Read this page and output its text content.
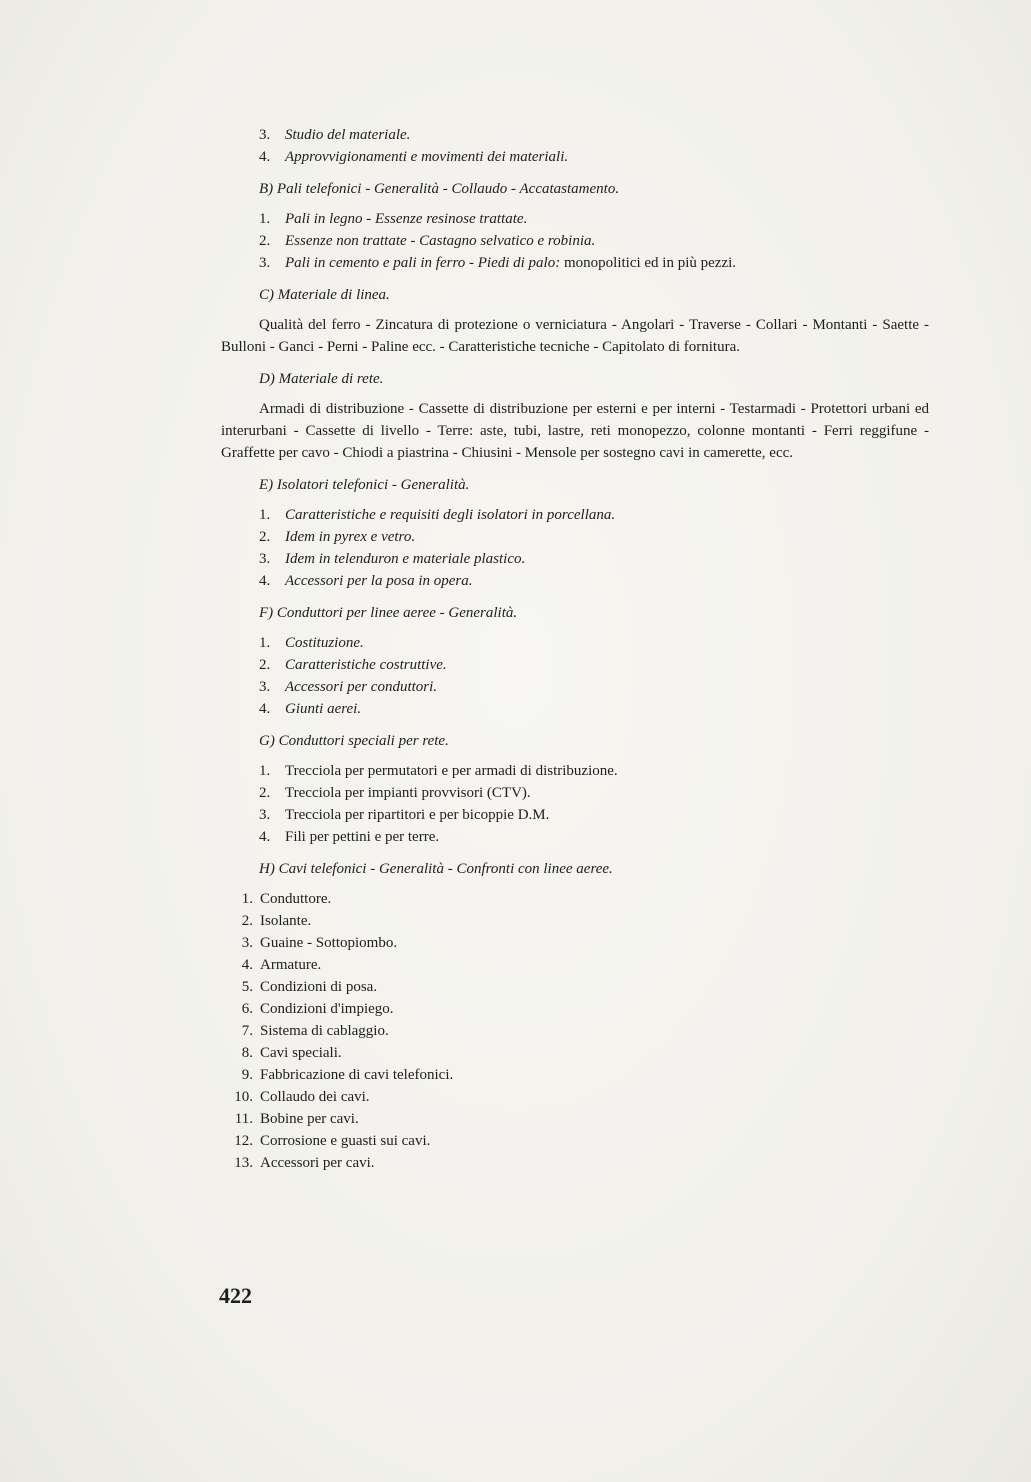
3. Studio del materiale.
4. Approvvigionamenti e movimenti dei materiali.
B) Pali telefonici - Generalità - Collaudo - Accatastamento.
1. Pali in legno - Essenze resinose trattate.
2. Essenze non trattate - Castagno selvatico e robinia.
3. Pali in cemento e pali in ferro - Piedi di palo: monopolitici ed in più pezzi.
C) Materiale di linea.
Qualità del ferro - Zincatura di protezione o verniciatura - Angolari - Traverse - Collari - Montanti - Saette - Bulloni - Ganci - Perni - Paline ecc. - Caratteristiche tecniche - Capitolato di fornitura.
D) Materiale di rete.
Armadi di distribuzione - Cassette di distribuzione per esterni e per interni - Testarmadi - Protettori urbani ed interurbani - Cassette di livello - Terre: aste, tubi, lastre, reti monopezzo, colonne montanti - Ferri reggifune - Graffette per cavo - Chiodi a piastrina - Chiusini - Mensole per sostegno cavi in camerette, ecc.
E) Isolatori telefonici - Generalità.
1. Caratteristiche e requisiti degli isolatori in porcellana.
2. Idem in pyrex e vetro.
3. Idem in telenduron e materiale plastico.
4. Accessori per la posa in opera.
F) Conduttori per linee aeree - Generalità.
1. Costituzione.
2. Caratteristiche costruttive.
3. Accessori per conduttori.
4. Giunti aerei.
G) Conduttori speciali per rete.
1. Trecciola per permutatori e per armadi di distribuzione.
2. Trecciola per impianti provvisori (CTV).
3. Trecciola per ripartitori e per bicoppie D.M.
4. Fili per pettini e per terre.
H) Cavi telefonici - Generalità - Confronti con linee aeree.
1. Conduttore.
2. Isolante.
3. Guaine - Sottopiombo.
4. Armature.
5. Condizioni di posa.
6. Condizioni d'impiego.
7. Sistema di cablaggio.
8. Cavi speciali.
9. Fabbricazione di cavi telefonici.
10. Collaudo dei cavi.
11. Bobine per cavi.
12. Corrosione e guasti sui cavi.
13. Accessori per cavi.
422
